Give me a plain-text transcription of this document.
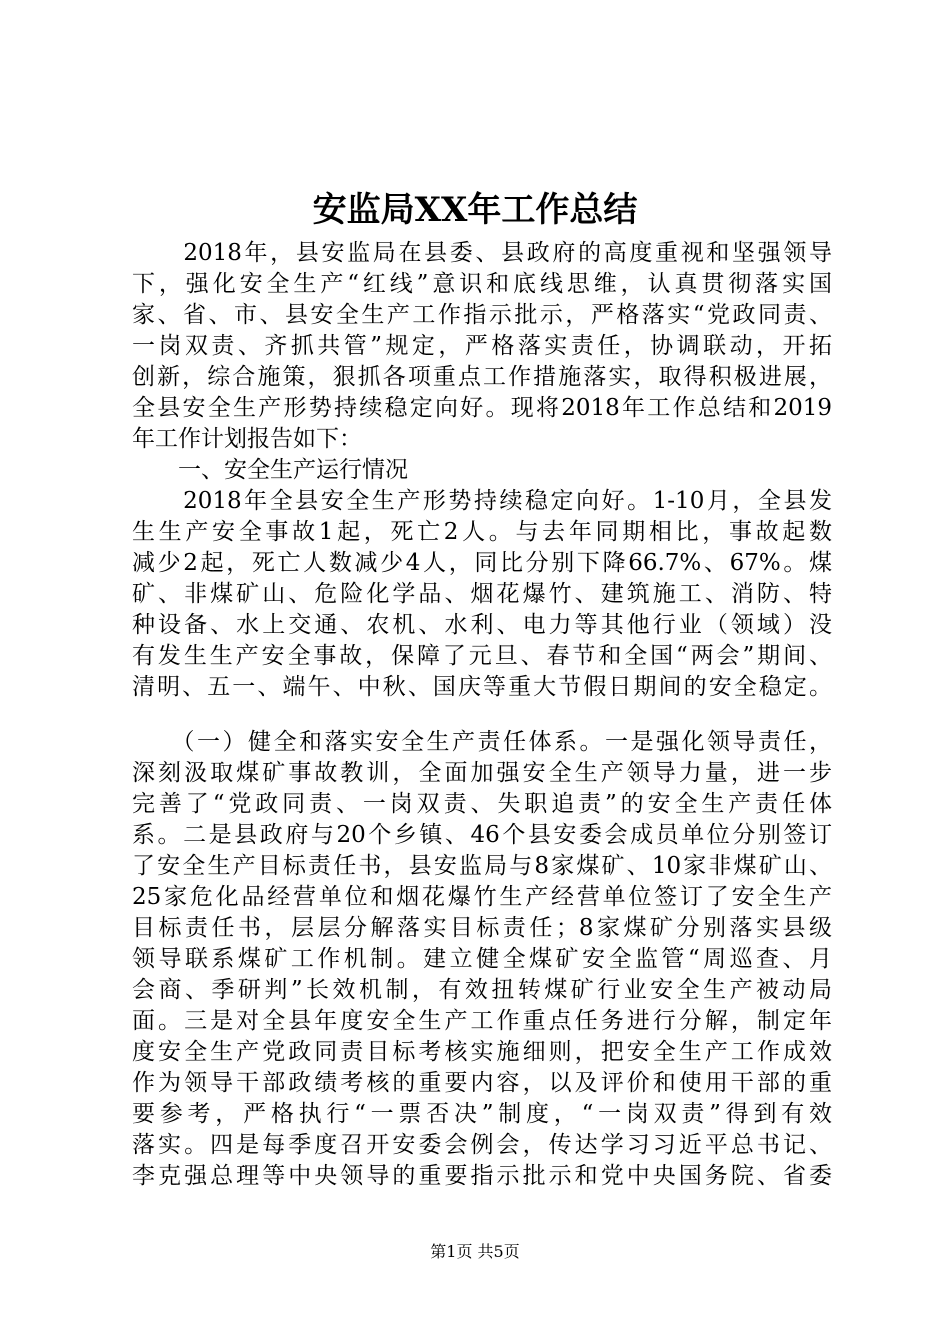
安监局XX年工作总结
　　2018年，县安监局在县委、县政府的高度重视和坚强领导
下，强化安全生产“红线”意识和底线思维，认真贯彻落实国
家、省、市、县安全生产工作指示批示，严格落实“党政同责、
一岗双责、齐抓共管”规定，严格落实责任，协调联动，开拓
创新，综合施策，狠抓各项重点工作措施落实，取得积极进展，
全县安全生产形势持续稳定向好。现将2018年工作总结和2019
年工作计划报告如下：
　　一、安全生产运行情况
　　2018年全县安全生产形势持续稳定向好。1-10月，全县发
生生产安全事故1起，死亡2人。与去年同期相比，事故起数
减少2起，死亡人数减少4人，同比分别下降66.7%、67%。煤
矿、非煤矿山、危险化学品、烟花爆竹、建筑施工、消防、特
种设备、水上交通、农机、水利、电力等其他行业（领域）没
有发生生产安全事故，保障了元旦、春节和全国“两会”期间、
清明、五一、端午、中秋、国庆等重大节假日期间的安全稳定。
　　（一）健全和落实安全生产责任体系。一是强化领导责任，
深刻汲取煤矿事故教训，全面加强安全生产领导力量，进一步
完善了“党政同责、一岗双责、失职追责”的安全生产责任体
系。二是县政府与20个乡镇、46个县安委会成员单位分别签订
了安全生产目标责任书，县安监局与8家煤矿、10家非煤矿山、
25家危化品经营单位和烟花爆竹生产经营单位签订了安全生产
目标责任书，层层分解落实目标责任；8家煤矿分别落实县级
领导联系煤矿工作机制。建立健全煤矿安全监管“周巡查、月
会商、季研判”长效机制，有效扭转煤矿行业安全生产被动局
面。三是对全县年度安全生产工作重点任务进行分解，制定年
度安全生产党政同责目标考核实施细则，把安全生产工作成效
作为领导干部政绩考核的重要内容，以及评价和使用干部的重
要参考，严格执行“一票否决”制度，“一岗双责”得到有效
落实。四是每季度召开安委会例会，传达学习习近平总书记、
李克强总理等中央领导的重要指示批示和党中央国务院、省委
第1页 共5页
